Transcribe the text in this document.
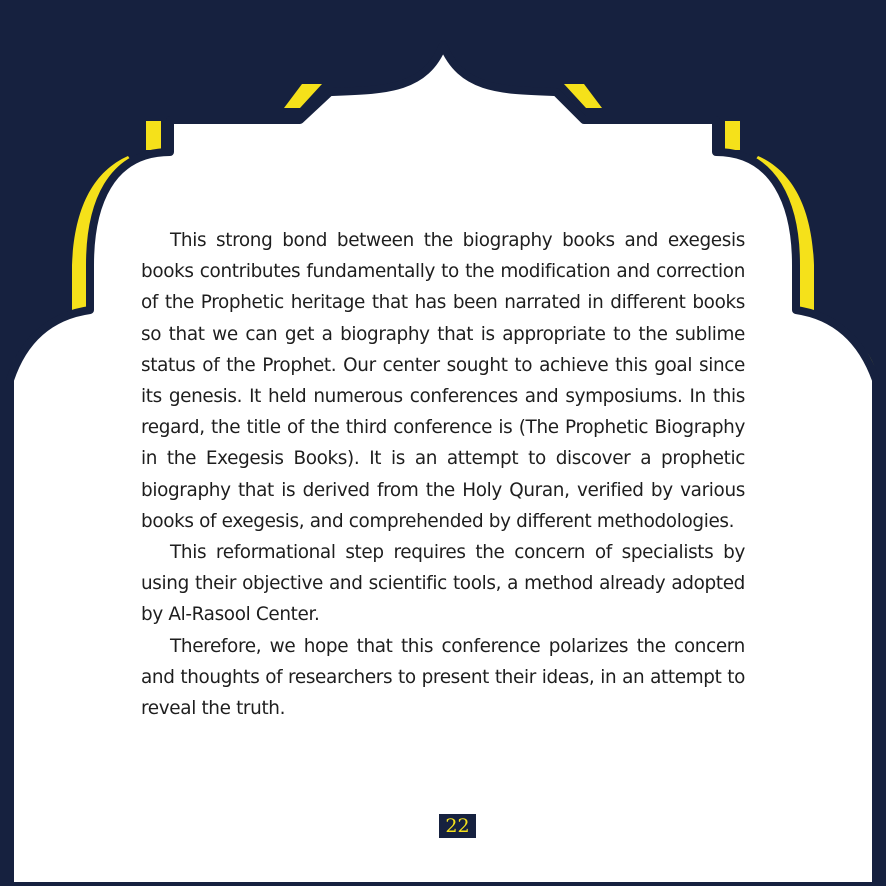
This strong bond between the biography books and exegesis books contributes fundamentally to the modification and correction of the Prophetic heritage that has been narrated in different books so that we can get a biography that is appropriate to the sublime status of the Prophet. Our center sought to achieve this goal since its genesis. It held numerous conferences and symposiums. In this regard, the title of the third conference is (The Prophetic Biography in the Exegesis Books). It is an attempt to discover a prophetic biography that is derived from the Holy Quran, verified by various books of exegesis, and comprehended by different methodologies.

This reformational step requires the concern of specialists by using their objective and scientific tools, a method already adopted by Al-Rasool Center.

Therefore, we hope that this conference polarizes the concern and thoughts of researchers to present their ideas, in an attempt to reveal the truth.

22
